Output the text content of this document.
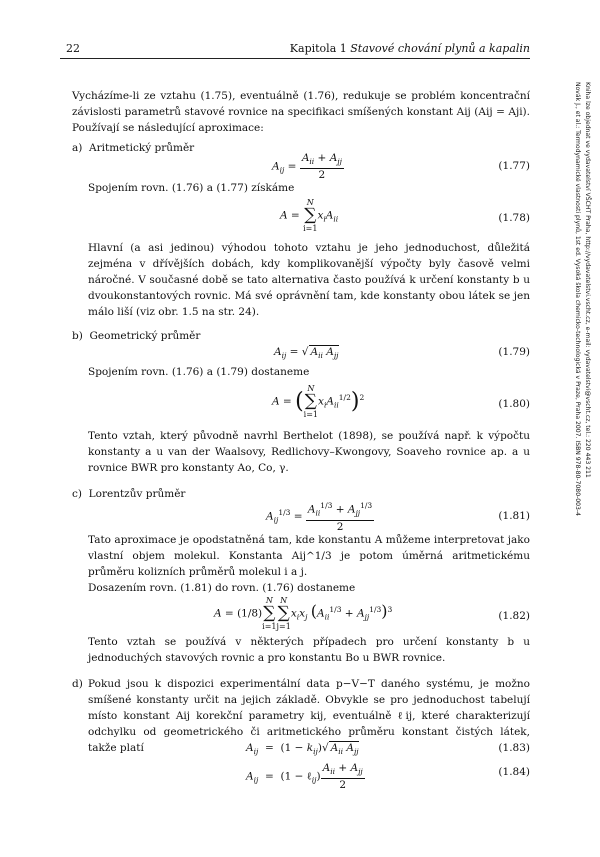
22	Kapitola 1 Stavové chování plynů a kapalin
Novák J., et al.: Termodynamické vlastnosti plynů, 1st ed. Vysoká škola chemicko-technologická v Praze, Praha 2007. ISBN 978-80-7080-003-4 Kniha lze objednat ve vydavatelství VŠCHT Praha, http://vydavatelstvi.vscht.cz, e-mail: vydavatelstvi@vscht.cz, tel.: 220 443 211
Vycházíme-li ze vztahu (1.75), eventuálně (1.76), redukuje se problém koncentrační závislosti parametrů stavové rovnice na specifikaci smíšených konstant Aij (Aij = Aji). Používají se následující aproximace:
a) Aritmetický průměr
$A_{ij} = \frac{A_{ii} + A_{jj}}{2}$	(1.77)
Spojením rovn. (1.76) a (1.77) získáme
A = N
∑
$i=1x_iA_{ii}$	(1.78)
Hlavní (a asi jedinou) výhodou tohoto vztahu je jeho jednoduchost, důležitá zejména v dřívějších dobách, kdy komplikovanější výpočty byly časově velmi náročné. V současné době se tato alternativa často používá k určení konstanty b u dvoukonstantových rovnic. Má své oprávnění tam, kde konstanty obou látek se jen málo liší (viz obr. 1.5 na str. 24).
b) Geometrický průměr
$A_{ij}$ = √ $A_{ii}$ $A_{jj}$	(1.79)
Spojením rovn. (1.76) a (1.79) dostaneme
A = (N
∑
$i=1x_iA_{ii}^{1/2})^2$
(1.80)
Tento vztah, který původně navrhl Berthelot (1898), se používá např. k výpočtu konstanty a u van der Waalsovy, Redlichovy–Kwongovy, Soaveho rovnice ap. a u rovnice BWR pro konstanty Ao, Co, γ.
c) Lorentzův průměr
$A_{ij}^{1/3} = \frac{A_{ii}^{1/3} + A_{jj}^{1/3}}{2}$	(1.81)
Tato aproximace je opodstatněná tam, kde konstantu A můžeme interpretovat jako vlastní objem molekul. Konstanta Aij^1/3 je potom úměrná aritmetickému průměru kolizních průměrů molekul i a j.
Dosazením rovn. (1.81) do rovn. (1.76) dostaneme
A = (1/8)N
∑
i=1N
∑
$j=1x_ix_j$ $(A_{ii}^{1/3} + A_{jj}^{1/3})^3$
(1.82)
Tento vztah se používá v některých případech pro určení konstanty b u jednoduchých stavových rovnic a pro konstantu Bo u BWR rovnice.
d) Pokud jsou k dispozici experimentální data p−V−T daného systému, je možno smíšené konstanty určit na jejich základě. Obvykle se pro jednoduchost tabelují místo konstant Aij korekční parametry kij, eventuálně ℓij, které charakterizují odchylku od geometrického či aritmetického průměru konstant čistých látek, takže platí	$A_{ij} = (1 - k_{ij})√$ $A_{ii}$ $A_{jj}$	(1.83)
$A_{ij} = (1$ − ℓ$_{ij}$) $\frac{A_{ii} + A_{jj}}{2}$	(1.84)
